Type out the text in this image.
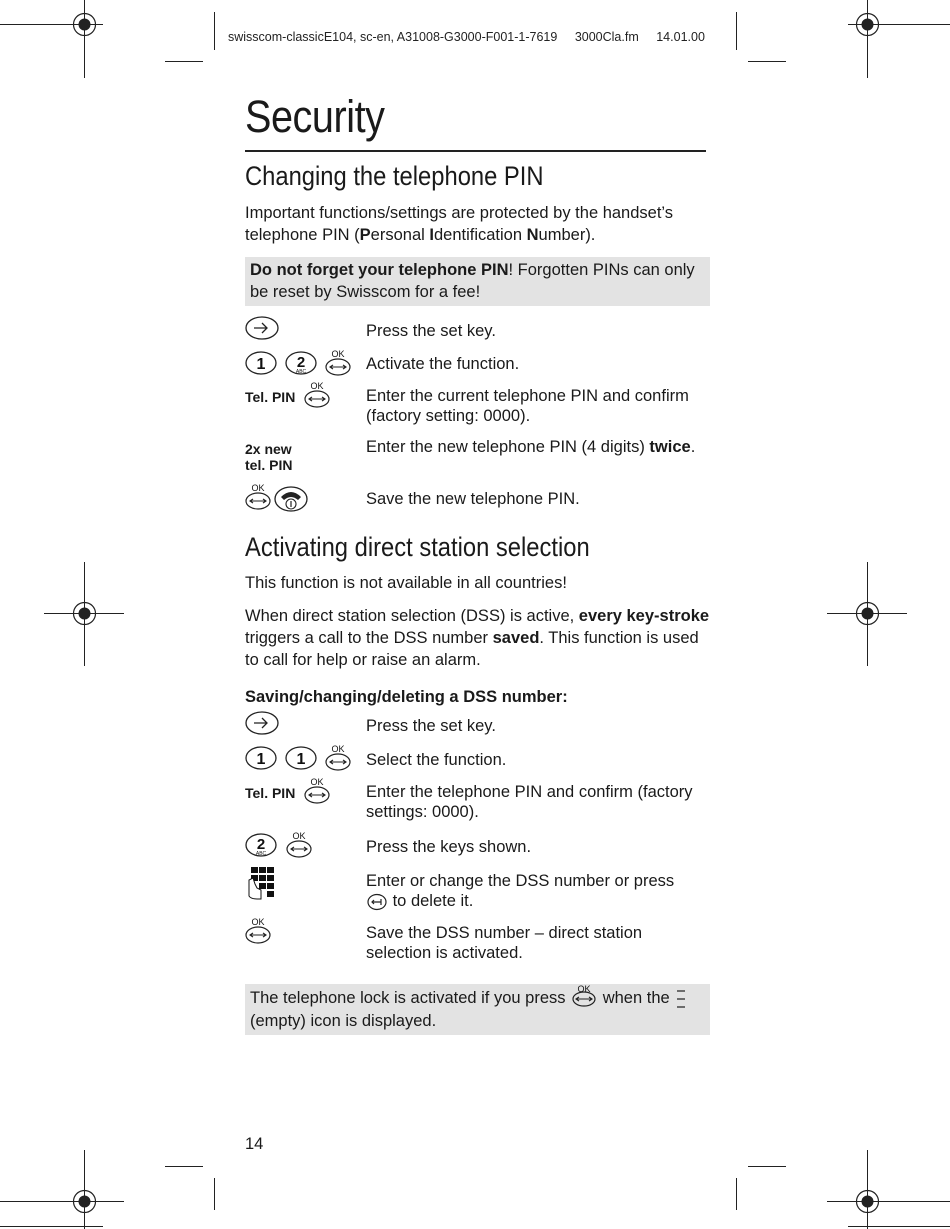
swisscom-classicE104, sc-en, A31008-G3000-F001-1-7619 3000Cla.fm 14.01.00
Security
Changing the telephone PIN

Important functions/settings are protected by the handset’s telephone PIN (Personal Identification Number).

Do not forget your telephone PIN! Forgotten PINs can only be reset by Swisscom for a fee!
Press the set key.
1 2
ABC
OK
Activate the function.
Tel. PIN
OK
Enter the current telephone PIN and confirm (factory setting: 0000).
2x new
tel. PIN
Enter the new telephone PIN (4 digits) twice.
OK
Save the new telephone PIN.
Activating direct station selection

This function is not available in all countries!

When direct station selection (DSS) is active, every key-stroke triggers a call to the DSS number saved. This function is used to call for help or raise an alarm.

Saving/changing/deleting a DSS number:
Press the set key.
1 1
OK
Select the function.
Tel. PIN
OK
Enter the telephone PIN and confirm (factory settings: 0000).
2
ABC
OK
Press the keys shown.
Enter or change the DSS number or press
to delete it.
OK
Save the DSS number – direct station selection is activated.
The telephone lock is activated if you press
OK
when the
(empty) icon is displayed.
14
